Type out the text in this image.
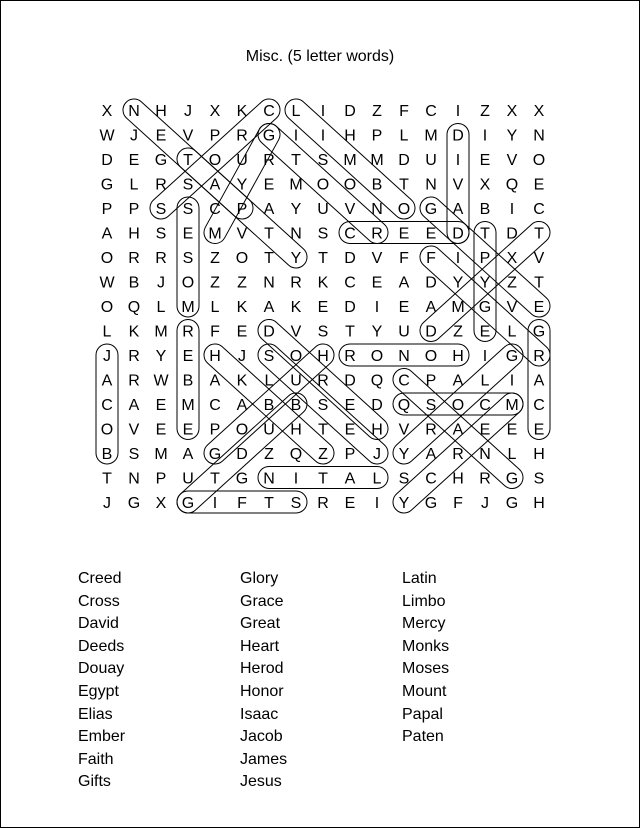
Misc. (5 letter words)
X N H J X K C L I D Z F C I Z X X
W J E V P R G I I H P L M D I Y N
D E G T O U R T S M M D U I E V O
G L R S A Y E M O O B T N V X Q E
P P S S C P A Y U V N O G A B I C
A H S E M V T N S C R E E D T D T
O R R S Z O T Y T D V F F I P X V
W B J O Z Z N R K C E A D Y Y Z T
O Q L M L K A K E D I E A M G V E
L K M R F E D V S T Y U D Z E L G
J R Y E H J S O H R O N O H I G R
A R W B A K L U R D Q C P A L I A
C A E M C A B B S E D Q S O C M C
O V E E P O U H T E H V R A E E E
B S M A G D Z Q Z P J Y A R N L H
T N P U T G N I T A L S C H R G S
J G X G I F T S R E I Y G F J G H
Creed
Cross
David
Deeds
Douay
Egypt
Elias
Ember
Faith
Gifts
Glory
Grace
Great
Heart
Herod
Honor
Isaac
Jacob
James
Jesus
Latin
Limbo
Mercy
Monks
Moses
Mount
Papal
Paten
